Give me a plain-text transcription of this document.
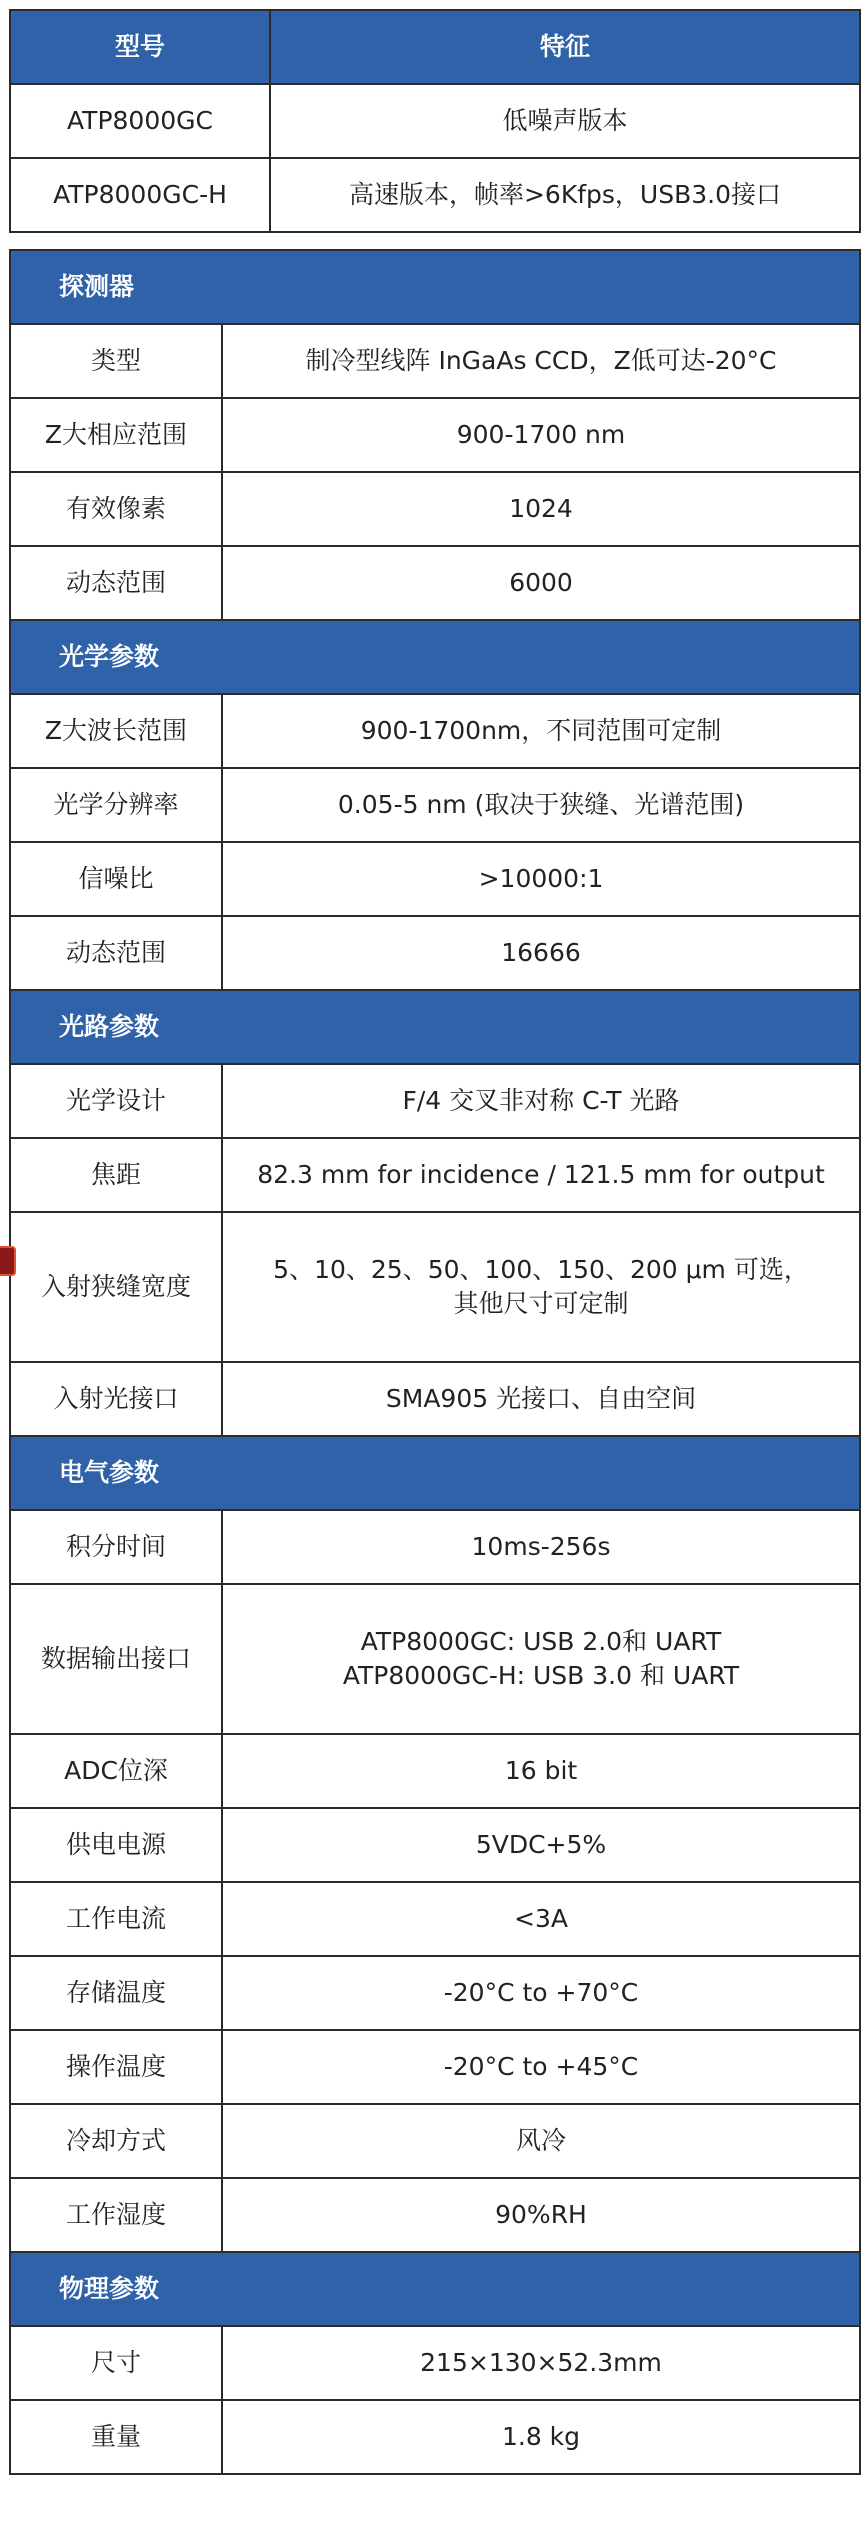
型号	特征
ATP8000GC	低噪声版本
ATP8000GC-H	高速版本，帧率>6Kfps，USB3.0接口
探测器	
类型	制冷型线阵 InGaAs CCD，Z低可达-20°C
Z大相应范围	900-1700 nm
有效像素	1024
动态范围	6000
光学参数	
Z大波长范围	900-1700nm，不同范围可定制
光学分辨率	0.05-5 nm (取决于狭缝、光谱范围)
信噪比	>10000:1
动态范围	16666
光路参数	
光学设计	F/4 交叉非对称 C-T 光路
焦距	82.3 mm for incidence / 121.5 mm for output
入射狭缝宽度	5、10、25、50、100、150、200 μm 可选，
其他尺寸可定制

入射光接口	SMA905 光接口、自由空间
电气参数	
积分时间	10ms-256s
数据输出接口	ATP8000GC: USB 2.0和 UART
ATP8000GC-H: USB 3.0 和 UART

ADC位深	16 bit
供电电源	5VDC+5%
工作电流	<3A
存储温度	-20°C to +70°C
操作温度	-20°C to +45°C
冷却方式	风冷
工作湿度	90%RH
物理参数	
尺寸	215×130×52.3mm
重量	1.8 kg
